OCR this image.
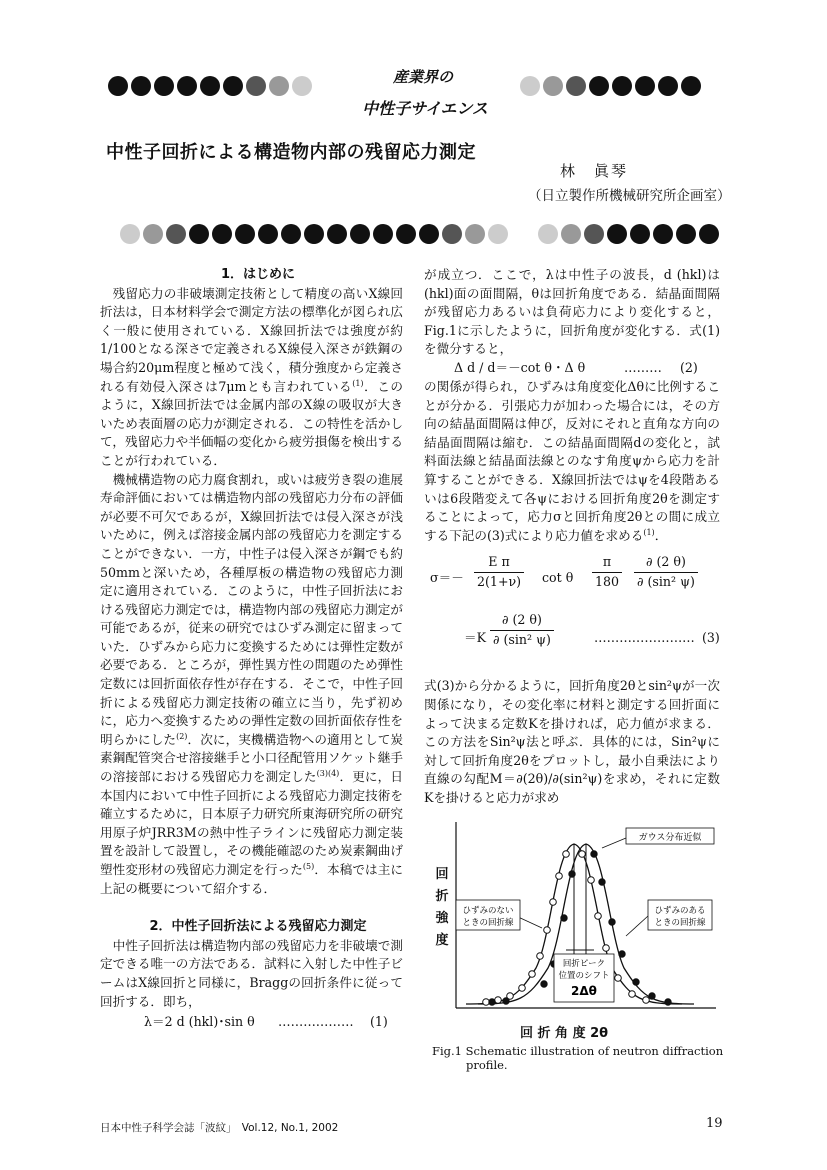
産業界の
中性子サイエンス
中性子回折による構造物内部の残留応力測定
林　眞琴
（日立製作所機械研究所企画室）

1．はじめに

残留応力の非破壊測定技術として精度の高いX線回折法は，日本材料学会で測定方法の標準化が図られ広く一般に使用されている．X線回折法では強度が約1/100となる深さで定義されるX線侵入深さが鉄鋼の場合約20μm程度と極めて浅く，積分強度から定義される有効侵入深さは7μmとも言われている$^{(1)}$．このように，X線回折法では金属内部のX線の吸収が大きいため表面層の応力が測定される．この特性を活かして，残留応力や半価幅の変化から疲労損傷を検出することが行われている．

機械構造物の応力腐食割れ，或いは疲労き裂の進展寿命評価においては構造物内部の残留応力分布の評価が必要不可欠であるが，X線回折法では侵入深さが浅いために，例えば溶接金属内部の残留応力を測定することができない．一方，中性子は侵入深さが鋼でも約50mmと深いため，各種厚板の構造物の残留応力測定に適用されている．このように，中性子回折法における残留応力測定では，構造物内部の残留応力測定が可能であるが，従来の研究ではひずみ測定に留まっていた．ひずみから応力に変換するためには弾性定数が必要である．ところが，弾性異方性の問題のため弾性定数には回折面依存性が存在する．そこで，中性子回折による残留応力測定技術の確立に当り，先ず初めに，応力へ変換するための弾性定数の回折面依存性を明らかにした$^{(2)}$．次に，実機構造物への適用として炭素鋼配管突合せ溶接継手と小口径配管用ソケット継手の溶接部における残留応力を測定した$^{(3)(4)}$．更に，日本国内において中性子回折による残留応力測定技術を確立するために，日本原子力研究所東海研究所の研究用原子炉JRR3Mの熱中性子ラインに残留応力測定装置を設計して設置し，その機能確認のため炭素鋼曲げ塑性変形材の残留応力測定を行った$^{(5)}$．本稿では主に上記の概要について紹介する．

2．中性子回折法による残留応力測定

中性子回折法は構造物内部の残留応力を非破壊で測定できる唯一の方法である．試料に入射した中性子ビームはX線回折と同様に，Braggの回折条件に従って回折する．即ち，

λ＝2 d (hkl)･sin θ ……………… (1)

が成立つ．ここで，λは中性子の波長，d (hkl)は(hkl)面の面間隔，θは回折角度である．結晶面間隔が残留応力あるいは負荷応力により変化すると，Fig.1に示したように，回折角度が変化する．式(1)を微分すると，

Δ d / d＝－cot θ・Δ θ	……… (2)

の関係が得られ，ひずみは角度変化Δθに比例することが分かる．引張応力が加わった場合には，その方向の結晶面間隔は伸び，反対にそれと直角な方向の結晶面間隔は縮む．この結晶面間隔dの変化と，試料面法線と結晶面法線とのなす角度ψから応力を計算することができる．X線回折法ではψを4段階あるいは6段階変えて各ψにおける回折角度2θを測定することによって，応力σと回折角度2θとの間に成立する下記の(3)式により応力値を求める$^{(1)}$．

$\sigma=- \frac{\text{E π}}{2(1+\nu)}$ cot θ $\frac{\pi}{180} \frac{\partial (2 \theta)}{\text{∂ (sin² ψ)}}$
$=K \frac{\partial (2 \theta)}{\text{∂ (sin² ψ)}}$	…………………… (3)

式(3)から分かるように，回折角度2θとsin²ψが一次関係になり，その変化率に材料と測定する回折面によって決まる定数Kを掛ければ，応力値が求まる．この方法をSin²ψ法と呼ぶ．具体的には，Sin²ψに対して回折角度2θをプロットし，最小自乗法により直線の勾配M＝∂(2θ)/∂(sin²ψ)を求め，それに定数Kを掛けると応力が求め

ガウス分布近似
ひずみのない
ときの回折線
ひずみのある
ときの回折線
回折ピーク
位置のシフト
2Δθ
回
折
強
度
回 折 角 度 2θ
Fig.1 Schematic illustration of neutron diffraction
profile.
日本中性子科学会誌「波紋」　Vol.12, No.1, 2002	19
